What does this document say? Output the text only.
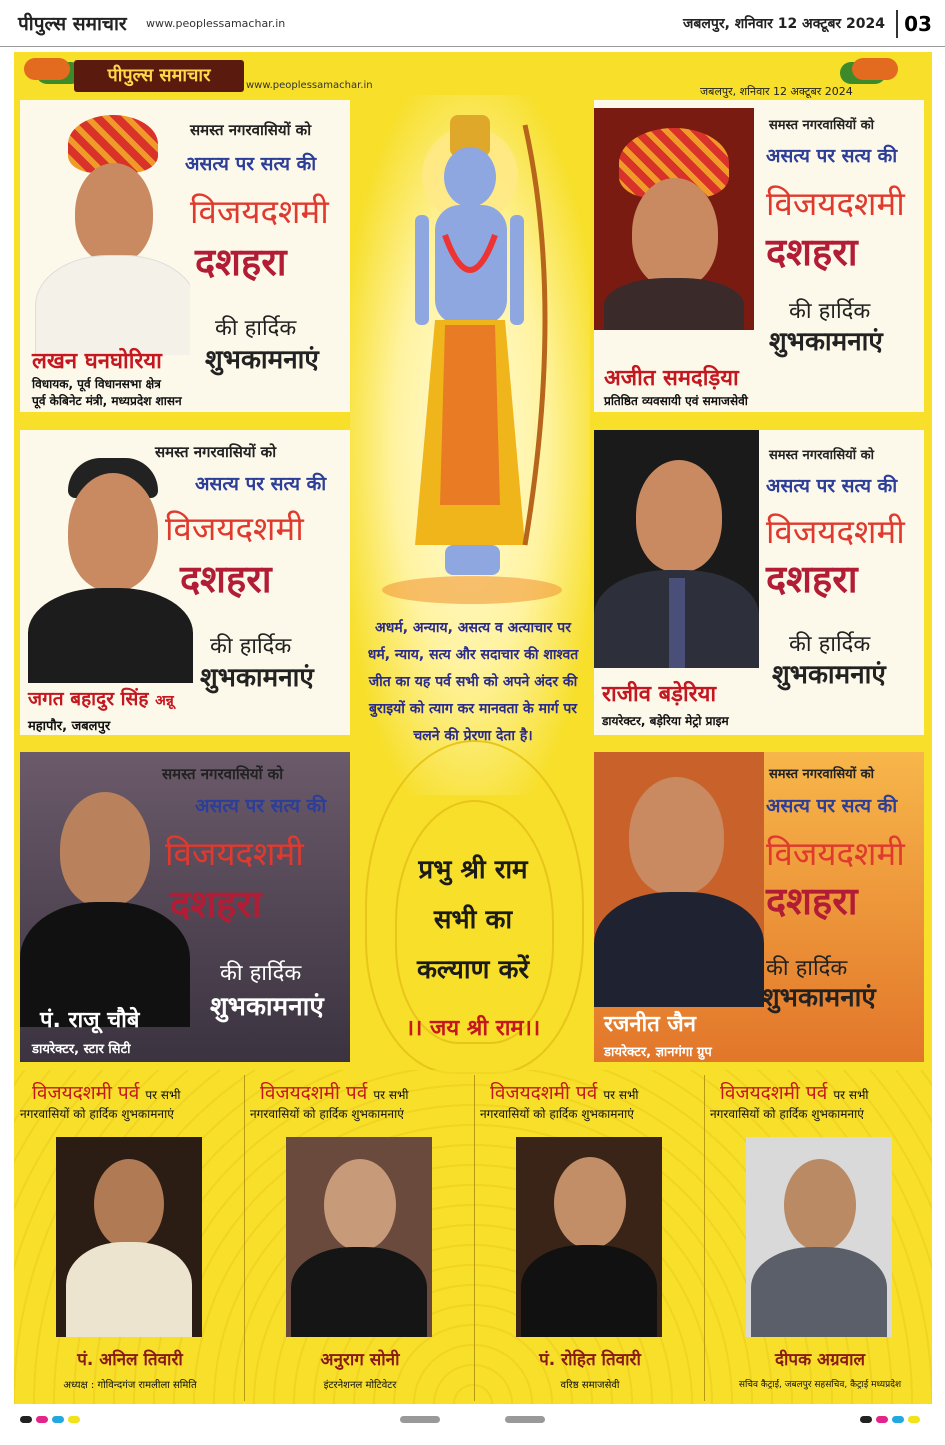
पीपुल्स समाचार www.peoplessamachar.in	जबलपुर, शनिवार 12 अक्टूबर 2024 03
पीपुल्स समाचार	www.peoplessamachar.in	जबलपुर, शनिवार 12 अक्टूबर 2024
समस्त नगरवासियों को
असत्य पर सत्य की
विजयदशमी
दशहरा
की हार्दिक
शुभकामनाएं
लखन घनघोरिया
विधायक, पूर्व विधानसभा क्षेत्र
पूर्व केबिनेट मंत्री, मध्यप्रदेश शासन
समस्त नगरवासियों को
असत्य पर सत्य की
विजयदशमी
दशहरा
की हार्दिक
शुभकामनाएं
अजीत समदड़िया
प्रतिष्ठित व्यवसायी एवं समाजसेवी
समस्त नगरवासियों को
असत्य पर सत्य की
विजयदशमी
दशहरा
की हार्दिक
शुभकामनाएं
जगत बहादुर सिंह अन्नू
महापौर, जबलपुर
समस्त नगरवासियों को
असत्य पर सत्य की
विजयदशमी
दशहरा
की हार्दिक
शुभकामनाएं
राजीव बड़ेरिया
डायरेक्टर, बड़ेरिया मेट्रो प्राइम
समस्त नगरवासियों को
असत्य पर सत्य की
विजयदशमी
दशहरा
की हार्दिक
शुभकामनाएं
पं. राजू चौबे
डायरेक्टर, स्टार सिटी
समस्त नगरवासियों को
असत्य पर सत्य की
विजयदशमी
दशहरा
की हार्दिक
शुभकामनाएं
रजनीत जैन
डायरेक्टर, ज्ञानगंगा ग्रुप
अधर्म, अन्याय, असत्य व अत्याचार पर धर्म, न्याय, सत्य और सदाचार की शाश्वत जीत का यह पर्व सभी को अपने अंदर की बुराइयों को त्याग कर मानवता के मार्ग पर चलने की प्रेरणा देता है।
प्रभु श्री राम
सभी का
कल्याण करें
।। जय श्री राम।।
विजयदशमी पर्व पर सभी
नगरवासियों को हार्दिक शुभकामनाएं
पं. अनिल तिवारी
अध्यक्ष : गोविन्दगंज रामलीला समिति
विजयदशमी पर्व पर सभी
नगरवासियों को हार्दिक शुभकामनाएं
अनुराग सोनी
इंटरनेशनल मोटिवेटर
विजयदशमी पर्व पर सभी
नगरवासियों को हार्दिक शुभकामनाएं
पं. रोहित तिवारी
वरिष्ठ समाजसेवी
विजयदशमी पर्व पर सभी
नगरवासियों को हार्दिक शुभकामनाएं
दीपक अग्रवाल
सचिव कैट्राई, जबलपुर सहसचिव, कैट्राई मध्यप्रदेश
